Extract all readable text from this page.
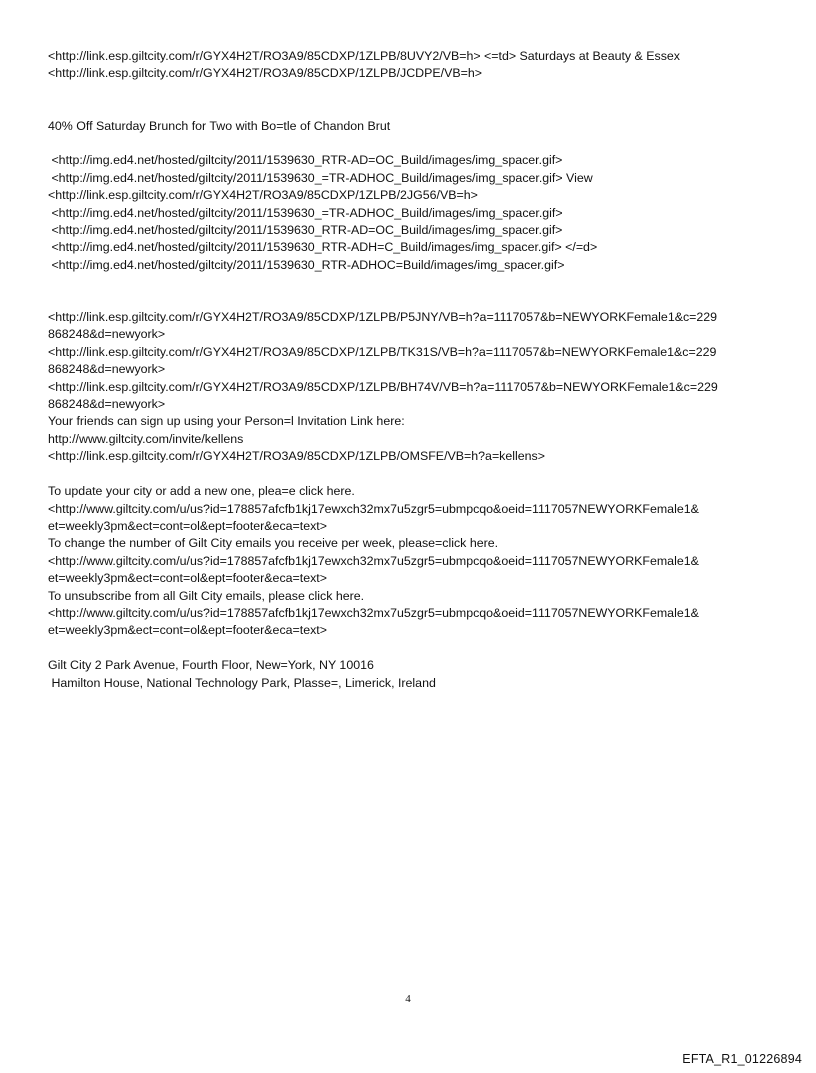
<http://link.esp.giltcity.com/r/GYX4H2T/RO3A9/85CDXP/1ZLPB/8UVY2/VB=h> <=td> Saturdays at Beauty & Essex
<http://link.esp.giltcity.com/r/GYX4H2T/RO3A9/85CDXP/1ZLPB/JCDPE/VB=h>
40% Off Saturday Brunch for Two with Bo=tle of Chandon Brut
<http://img.ed4.net/hosted/giltcity/2011/1539630_RTR-AD=OC_Build/images/img_spacer.gif>
<http://img.ed4.net/hosted/giltcity/2011/1539630_=TR-ADHOC_Build/images/img_spacer.gif> View
<http://link.esp.giltcity.com/r/GYX4H2T/RO3A9/85CDXP/1ZLPB/2JG56/VB=h>
<http://img.ed4.net/hosted/giltcity/2011/1539630_=TR-ADHOC_Build/images/img_spacer.gif>
<http://img.ed4.net/hosted/giltcity/2011/1539630_RTR-AD=OC_Build/images/img_spacer.gif>
<http://img.ed4.net/hosted/giltcity/2011/1539630_RTR-ADH=C_Build/images/img_spacer.gif> </=d>
<http://img.ed4.net/hosted/giltcity/2011/1539630_RTR-ADHOC=Build/images/img_spacer.gif>
<http://link.esp.giltcity.com/r/GYX4H2T/RO3A9/85CDXP/1ZLPB/P5JNY/VB=h?a=1117057&b=NEWYORKFemale1&c=229
868248&d=newyork>
<http://link.esp.giltcity.com/r/GYX4H2T/RO3A9/85CDXP/1ZLPB/TK31S/VB=h?a=1117057&b=NEWYORKFemale1&c=229
868248&d=newyork>
<http://link.esp.giltcity.com/r/GYX4H2T/RO3A9/85CDXP/1ZLPB/BH74V/VB=h?a=1117057&b=NEWYORKFemale1&c=229
868248&d=newyork>
Your friends can sign up using your Person=l Invitation Link here:
http://www.giltcity.com/invite/kellens
<http://link.esp.giltcity.com/r/GYX4H2T/RO3A9/85CDXP/1ZLPB/OMSFE/VB=h?a=kellens>
To update your city or add a new one, plea=e click here.
<http://www.giltcity.com/u/us?id=178857afcfb1kj17ewxch32mx7u5zgr5=ubmpcqo&oeid=1117057NEWYORKFemale1&
et=weekly3pm&ect=cont=ol&ept=footer&eca=text>
To change the number of Gilt City emails you receive per week, please=click here.
<http://www.giltcity.com/u/us?id=178857afcfb1kj17ewxch32mx7u5zgr5=ubmpcqo&oeid=1117057NEWYORKFemale1&
et=weekly3pm&ect=cont=ol&ept=footer&eca=text>
To unsubscribe from all Gilt City emails, please click here.
<http://www.giltcity.com/u/us?id=178857afcfb1kj17ewxch32mx7u5zgr5=ubmpcqo&oeid=1117057NEWYORKFemale1&
et=weekly3pm&ect=cont=ol&ept=footer&eca=text>
Gilt City 2 Park Avenue, Fourth Floor, New=York, NY 10016
Hamilton House, National Technology Park, Plasse=, Limerick, Ireland
4
EFTA_R1_01226894
